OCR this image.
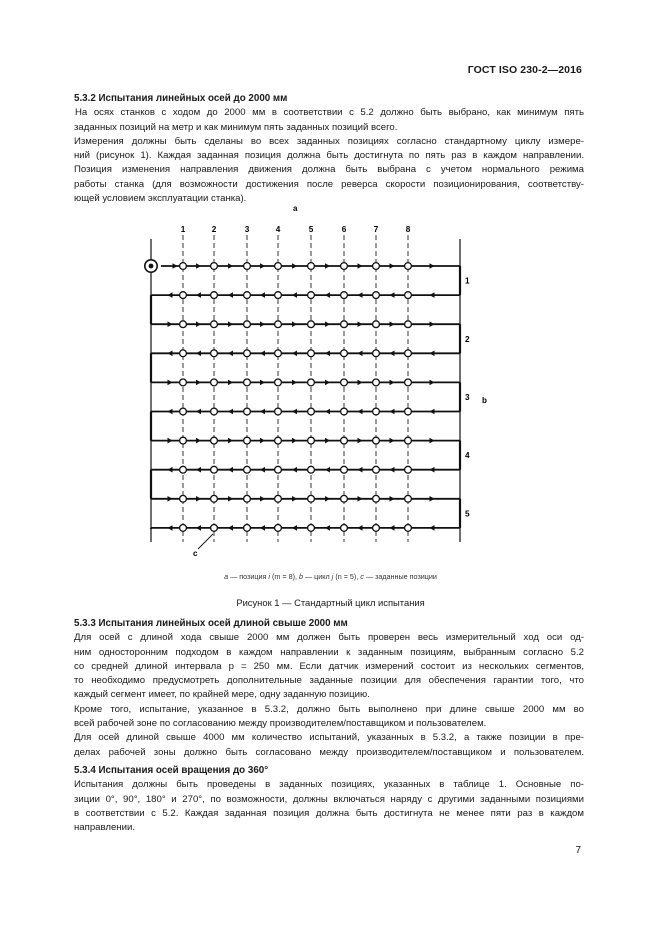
ГОСТ ISO 230-2—2016
5.3.2 Испытания линейных осей до 2000 мм
На осях станков с ходом до 2000 мм в соответствии с 5.2 должно быть выбрано, как минимум пять
заданных позиций на метр и как минимум пять заданных позиций всего.
Измерения должны быть сделаны во всех заданных позициях согласно стандартному циклу измере-
ний (рисунок 1). Каждая заданная позиция должна быть достигнута по пять раз в каждом направлении.
Позиция изменения направления движения должна быть выбрана с учетом нормального режима
работы станка (для возможности достижения после реверса скорости позиционирования, соответству-
ющей условием эксплуатации станка).
a
b
c
1	2	3	4	5	6	7	8
1
2
3
4
5
a — позиция i (m = 8), b — цикл j (n = 5), c — заданные позиции
Рисунок 1 — Стандартный цикл испытания
5.3.3 Испытания линейных осей длиной свыше 2000 мм
Для осей с длиной хода свыше 2000 мм должен быть проверен весь измерительный ход оси од-
ним односторонним подходом в каждом направлении к заданным позициям, выбранным согласно 5.2
со средней длиной интервала p = 250 мм. Если датчик измерений состоит из нескольких сегментов,
то необходимо предусмотреть дополнительные заданные позиции для обеспечения гарантии того, что
каждый сегмент имеет, по крайней мере, одну заданную позицию.
Кроме того, испытание, указанное в 5.3.2, должно быть выполнено при длине свыше 2000 мм во
всей рабочей зоне по согласованию между производителем/поставщиком и пользователем.
Для осей длиной свыше 4000 мм количество испытаний, указанных в 5.3.2, а также позиции в пре-
делах рабочей зоны должно быть согласовано между производителем/поставщиком и пользователем.
5.3.4 Испытания осей вращения до 360°
Испытания должны быть проведены в заданных позициях, указанных в таблице 1. Основные по-
зиции 0°, 90°, 180° и 270°, по возможности, должны включаться наряду с другими заданными позициями
в соответствии с 5.2. Каждая заданная позиция должна быть достигнута не менее пяти раз в каждом
направлении.
7
